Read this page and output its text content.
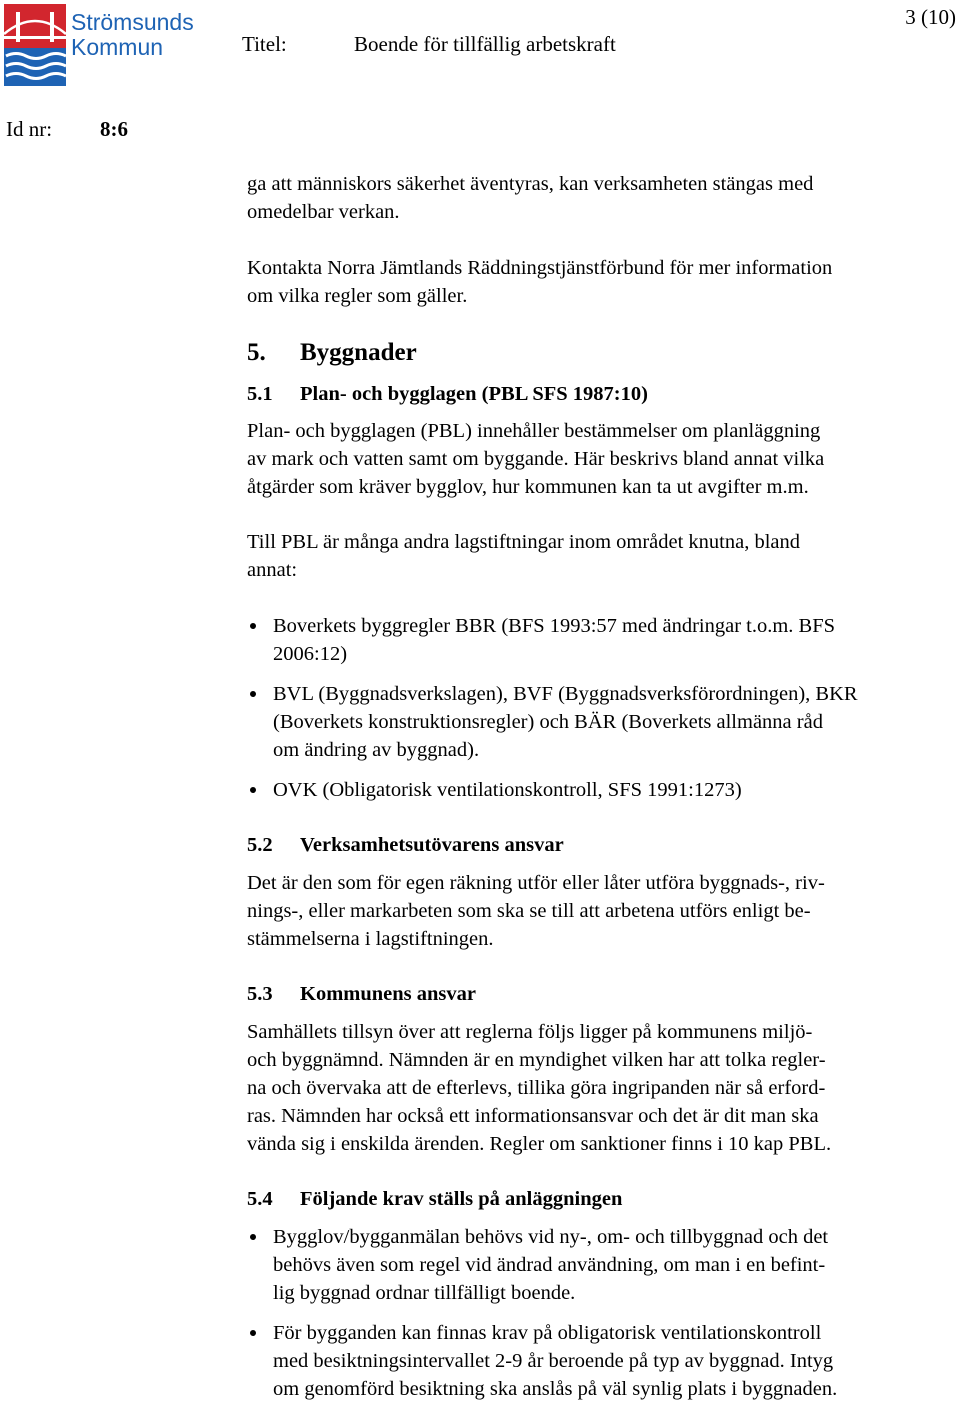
Strömsunds
Kommun	Titel:	Boende för tillfällig arbetskraft
3 (10)
Id nr: 8:6

ga att människors säkerhet äventyras, kan verksamheten stängas med
omedelbar verkan.

Kontakta Norra Jämtlands Räddningstjänstförbund för mer information
om vilka regler som gäller.

5.	Byggnader
5.1	Plan- och bygglagen (PBL SFS 1987:10)

Plan- och bygglagen (PBL) innehåller bestämmelser om planläggning
av mark och vatten samt om byggande. Här beskrivs bland annat vilka
åtgärder som kräver bygglov, hur kommunen kan ta ut avgifter m.m.

Till PBL är många andra lagstiftningar inom området knutna, bland
annat:

Boverkets byggregler BBR (BFS 1993:57 med ändringar t.o.m. BFS
2006:12)
BVL (Byggnadsverkslagen), BVF (Byggnadsverksförordningen), BKR
(Boverkets konstruktionsregler) och BÄR (Boverkets allmänna råd
om ändring av byggnad).
OVK (Obligatorisk ventilationskontroll, SFS 1991:1273)
5.2	Verksamhetsutövarens ansvar

Det är den som för egen räkning utför eller låter utföra byggnads-, riv-
nings-, eller markarbeten som ska se till att arbetena utförs enligt be-
stämmelserna i lagstiftningen.

5.3	Kommunens ansvar

Samhällets tillsyn över att reglerna följs ligger på kommunens miljö-
och byggnämnd. Nämnden är en myndighet vilken har att tolka regler-
na och övervaka att de efterlevs, tillika göra ingripanden när så erford-
ras. Nämnden har också ett informationsansvar och det är dit man ska
vända sig i enskilda ärenden. Regler om sanktioner finns i 10 kap PBL.

5.4	Följande krav ställs på anläggningen
Bygglov/bygganmälan behövs vid ny-, om- och tillbyggnad och det
behövs även som regel vid ändrad användning, om man i en befint-
lig byggnad ordnar tillfälligt boende.
För bygganden kan finnas krav på obligatorisk ventilationskontroll
med besiktningsintervallet 2-9 år beroende på typ av byggnad. Intyg
om genomförd besiktning ska anslås på väl synlig plats i byggnaden.
